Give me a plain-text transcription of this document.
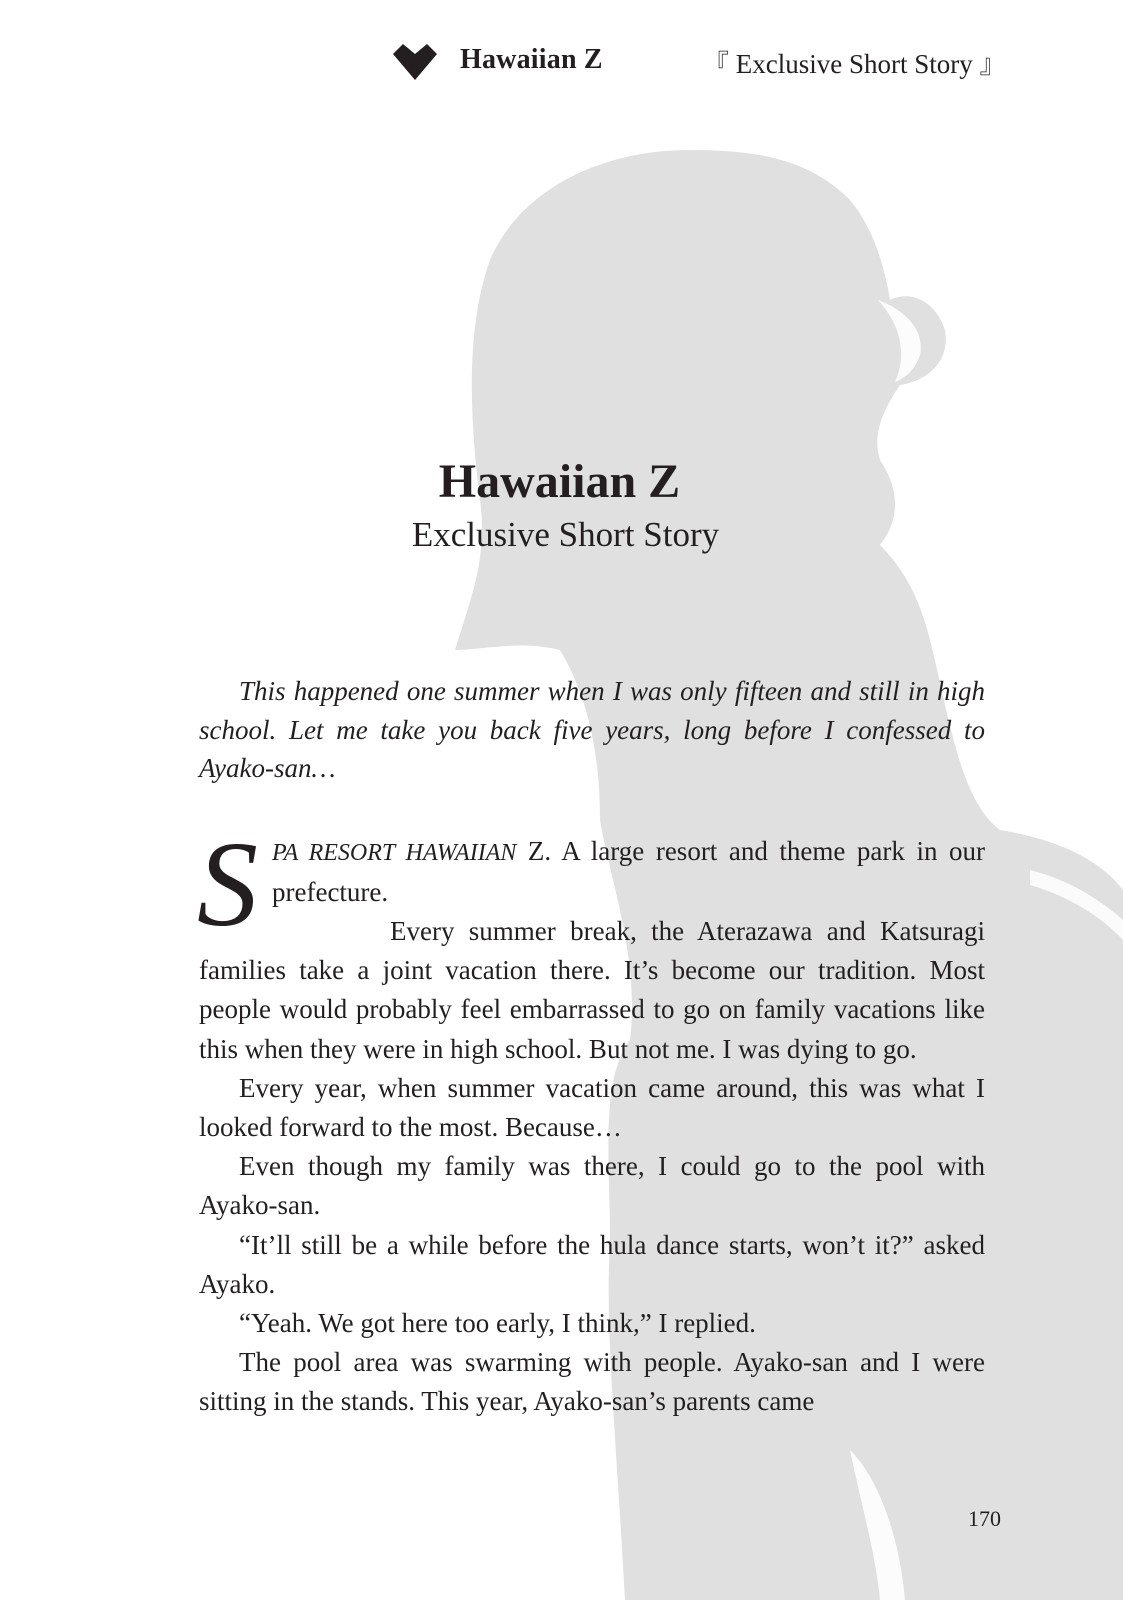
Hawaiian Z	『 Exclusive Short Story 』
Hawaiian Z

Exclusive Short Story

This happened one summer when I was only fifteen and still in high school. Let me take you back five years, long before I confessed to Ayako-san…

SPA RESORT HAWAIIAN Z. A large resort and theme park in our prefecture.

Every summer break, the Aterazawa and Katsuragi families take a joint vacation there. It’s become our tradition. Most people would probably feel embarrassed to go on family vacations like this when they were in high school. But not me. I was dying to go.

Every year, when summer vacation came around, this was what I looked forward to the most. Because…

Even though my family was there, I could go to the pool with Ayako-san.

“It’ll still be a while before the hula dance starts, won’t it?” asked Ayako.

“Yeah. We got here too early, I think,” I replied.

The pool area was swarming with people. Ayako-san and I were sitting in the stands. This year, Ayako-san’s parents came

170
